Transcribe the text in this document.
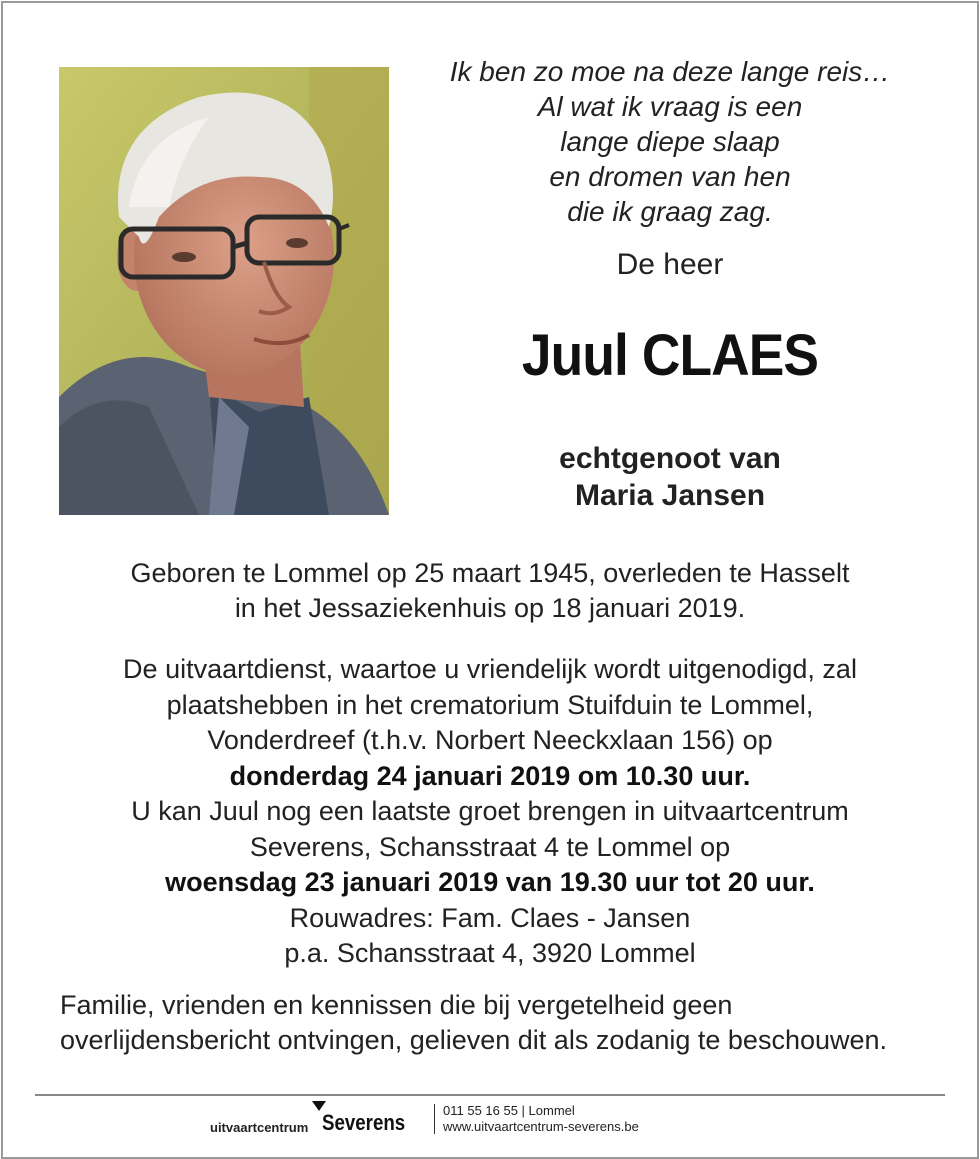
Ik ben zo moe na deze lange reis…
Al wat ik vraag is een
lange diepe slaap
en dromen van hen
die ik graag zag.
De heer
Juul CLAES
echtgenoot van
Maria Jansen
Geboren te Lommel op 25 maart 1945, overleden te Hasselt
in het Jessaziekenhuis op 18 januari 2019.
De uitvaartdienst, waartoe u vriendelijk wordt uitgenodigd, zal
plaatshebben in het crematorium Stuifduin te Lommel,
Vonderdreef (t.h.v. Norbert Neeckxlaan 156) op
donderdag 24 januari 2019 om 10.30 uur.
U kan Juul nog een laatste groet brengen in uitvaartcentrum
Severens, Schansstraat 4 te Lommel op
woensdag 23 januari 2019 van 19.30 uur tot 20 uur.
Rouwadres: Fam. Claes - Jansen
p.a. Schansstraat 4, 3920 Lommel
Familie, vrienden en kennissen die bij vergetelheid geen overlijdensbericht ontvingen, gelieven dit als zodanig te beschouwen.
uitvaartcentrum Severens	011 55 16 55 | Lommel
www.uitvaartcentrum-severens.be
